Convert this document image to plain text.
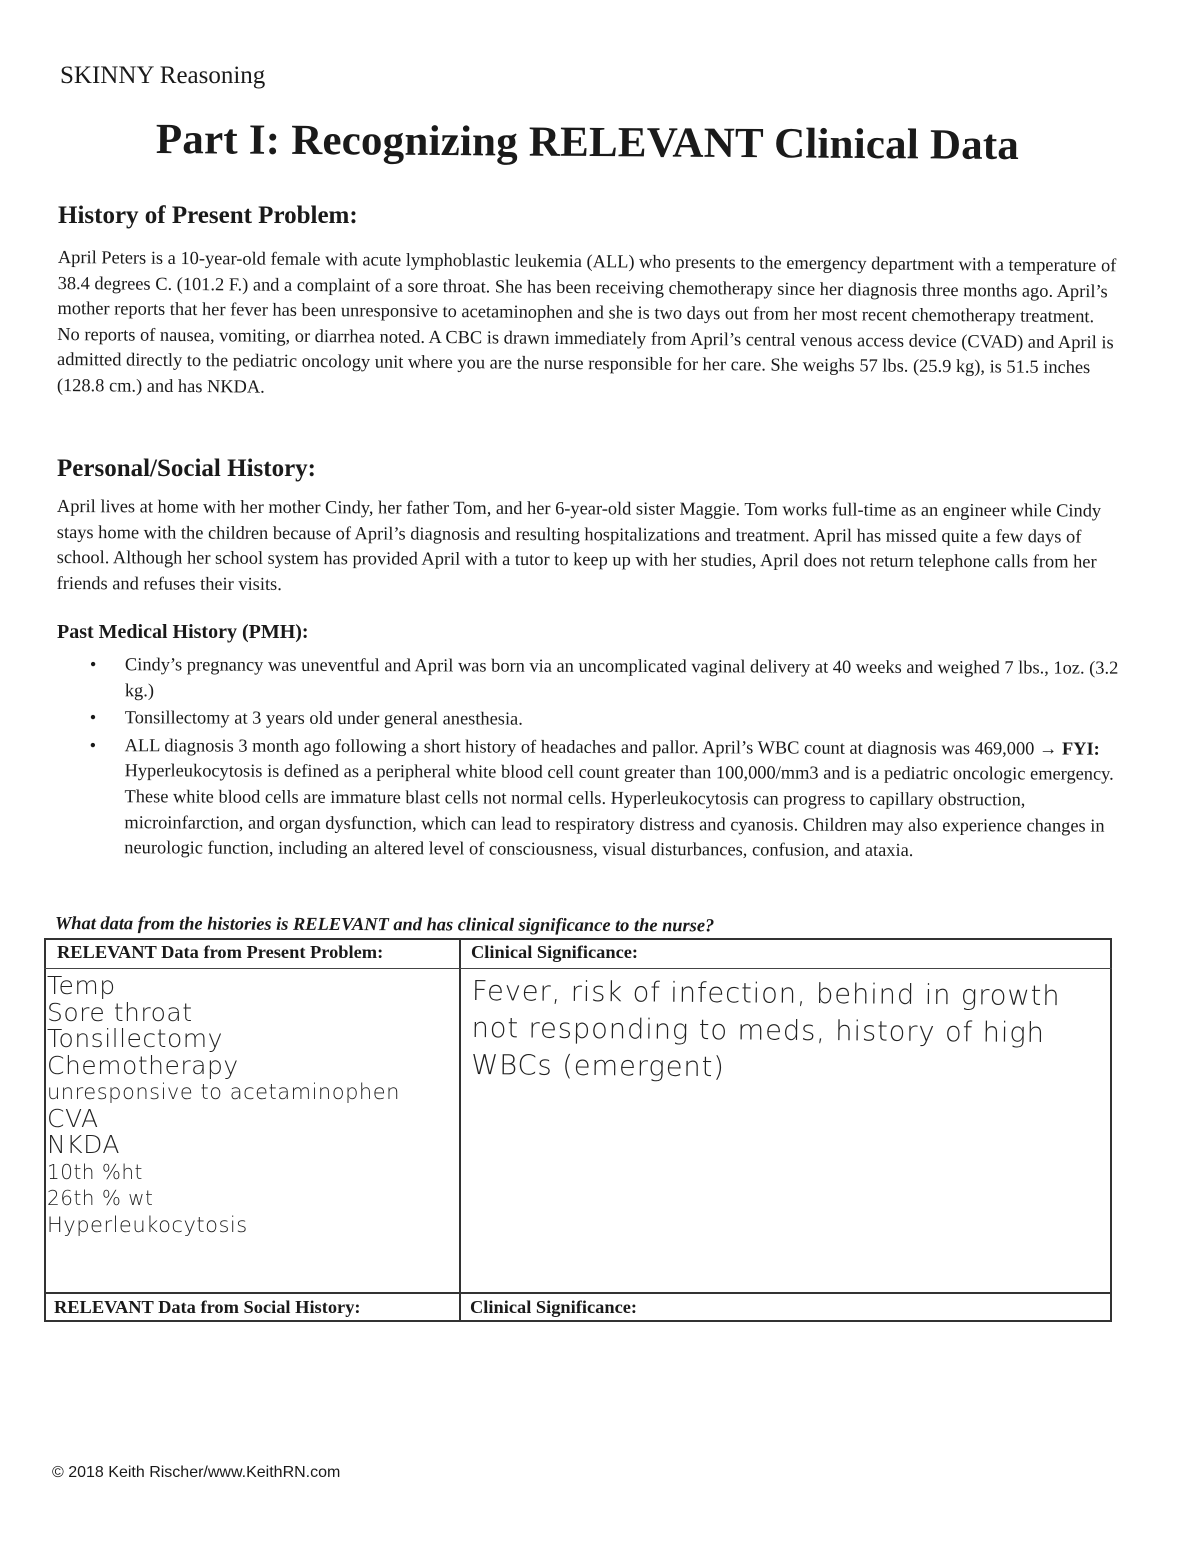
SKINNY Reasoning
Part I: Recognizing RELEVANT Clinical Data
History of Present Problem:
April Peters is a 10-year-old female with acute lymphoblastic leukemia (ALL) who presents to the emergency department with a temperature of 38.4 degrees C. (101.2 F.) and a complaint of a sore throat. She has been receiving chemotherapy since her diagnosis three months ago. April’s mother reports that her fever has been unresponsive to acetaminophen and she is two days out from her most recent chemotherapy treatment. No reports of nausea, vomiting, or diarrhea noted. A CBC is drawn immediately from April’s central venous access device (CVAD) and April is admitted directly to the pediatric oncology unit where you are the nurse responsible for her care. She weighs 57 lbs. (25.9 kg), is 51.5 inches (128.8 cm.) and has NKDA.
Personal/Social History:
April lives at home with her mother Cindy, her father Tom, and her 6-year-old sister Maggie. Tom works full-time as an engineer while Cindy stays home with the children because of April’s diagnosis and resulting hospitalizations and treatment. April has missed quite a few days of school. Although her school system has provided April with a tutor to keep up with her studies, April does not return telephone calls from her friends and refuses their visits.
Past Medical History (PMH):
• Cindy’s pregnancy was uneventful and April was born via an uncomplicated vaginal delivery at 40 weeks and weighed 7 lbs., 1oz. (3.2 kg.)
• Tonsillectomy at 3 years old under general anesthesia.
• ALL diagnosis 3 month ago following a short history of headaches and pallor. April’s WBC count at diagnosis was 469,000 → FYI: Hyperleukocytosis is defined as a peripheral white blood cell count greater than 100,000/mm3 and is a pediatric oncologic emergency. These white blood cells are immature blast cells not normal cells. Hyperleukocytosis can progress to capillary obstruction, microinfarction, and organ dysfunction, which can lead to respiratory distress and cyanosis. Children may also experience changes in neurologic function, including an altered level of consciousness, visual disturbances, confusion, and ataxia.
What data from the histories is RELEVANT and has clinical significance to the nurse?
RELEVANT Data from Present Problem:	Clinical Significance:
Temp
Sore throat
Tonsillectomy
Chemotherapy
unresponsive to acetaminophen
CVA
NKDA
10th %ht
26th % wt
Hyperleukocytosis
Fever, risk of infection, behind in growth not responding to meds, history of high WBCs (emergent)
RELEVANT Data from Social History:	Clinical Significance:
© 2018 Keith Rischer/www.KeithRN.com
